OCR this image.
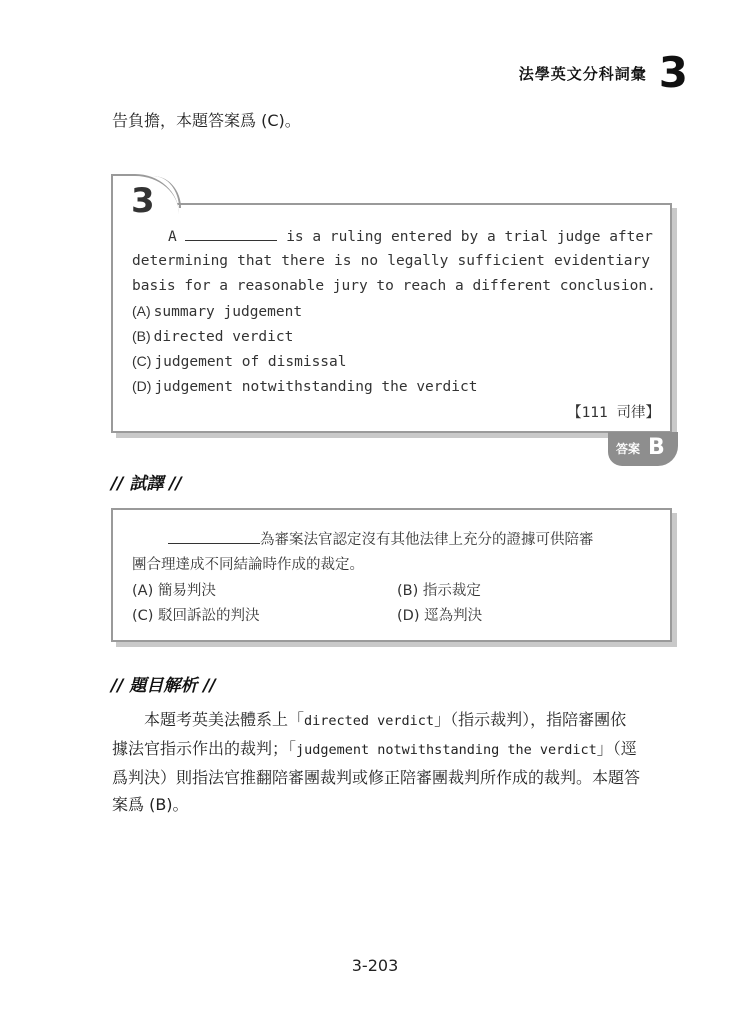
法學英文分科詞彙 3
告負擔，本題答案爲 (C)。
3
A	is a ruling entered by a trial judge after
determining that there is no legally sufficient evidentiary
basis for a reasonable jury to reach a different conclusion.
(A) summary judgement
(B) directed verdict
(C) judgement of dismissal
(D) judgement notwithstanding the verdict
【111 司律】
答案 B
// 試譯 //
為審案法官認定沒有其他法律上充分的證據可供陪審
團合理達成不同結論時作成的裁定。
(A) 簡易判決	(B) 指示裁定
(C) 駁回訴訟的判決	(D) 逕為判決
// 題目解析 //
本題考英美法體系上「directed verdict」（指示裁判），指陪審團依
據法官指示作出的裁判；「judgement notwithstanding the verdict」（逕
爲判決）則指法官推翻陪審團裁判或修正陪審團裁判所作成的裁判。本題答
案爲 (B)。
3-203
